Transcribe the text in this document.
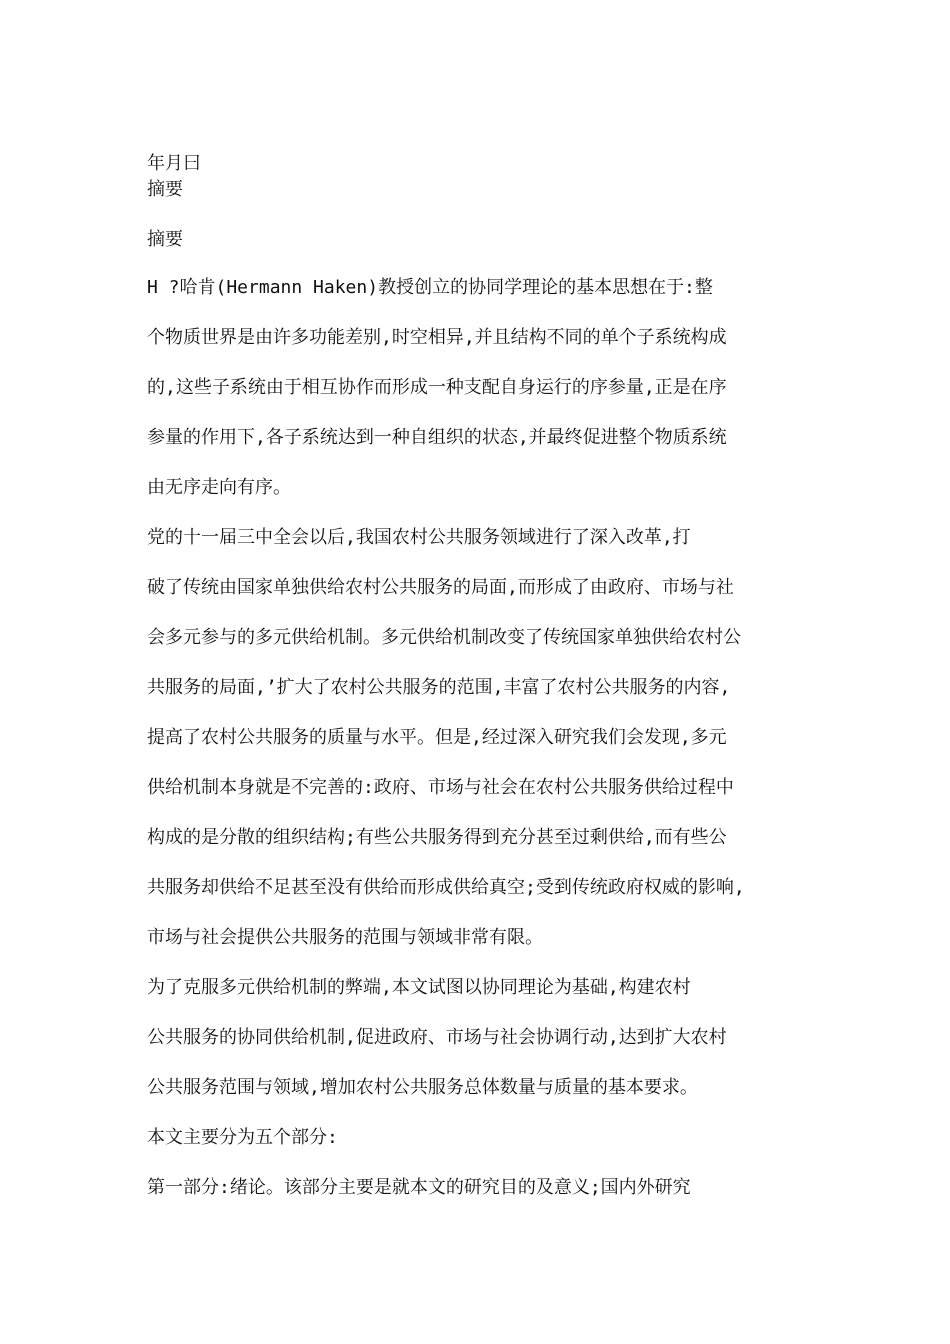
年月曰
摘要
摘要
H ?哈肯(Hermann Haken)教授创立的协同学理论的基本思想在于:整
个物质世界是由许多功能差别,时空相异,并且结构不同的单个子系统构成
的,这些子系统由于相互协作而形成一种支配自身运行的序参量,正是在序
参量的作用下,各子系统达到一种自组织的状态,并最终促进整个物质系统
由无序走向有序。
党的十一届三中全会以后,我国农村公共服务领域进行了深入改革,打
破了传统由国家单独供给农村公共服务的局面,而形成了由政府、市场与社
会多元参与的多元供给机制。多元供给机制改变了传统国家单独供给农村公
共服务的局面,’扩大了农村公共服务的范围,丰富了农村公共服务的内容,
提高了农村公共服务的质量与水平。但是,经过深入研究我们会发现,多元
供给机制本身就是不完善的:政府、市场与社会在农村公共服务供给过程中
构成的是分散的组织结构;有些公共服务得到充分甚至过剩供给,而有些公
共服务却供给不足甚至没有供给而形成供给真空;受到传统政府权威的影响,
市场与社会提供公共服务的范围与领域非常有限。
为了克服多元供给机制的弊端,本文试图以协同理论为基础,构建农村
公共服务的协同供给机制,促进政府、市场与社会协调行动,达到扩大农村
公共服务范围与领域,增加农村公共服务总体数量与质量的基本要求。
本文主要分为五个部分:
第一部分:绪论。该部分主要是就本文的研究目的及意义;国内外研究
